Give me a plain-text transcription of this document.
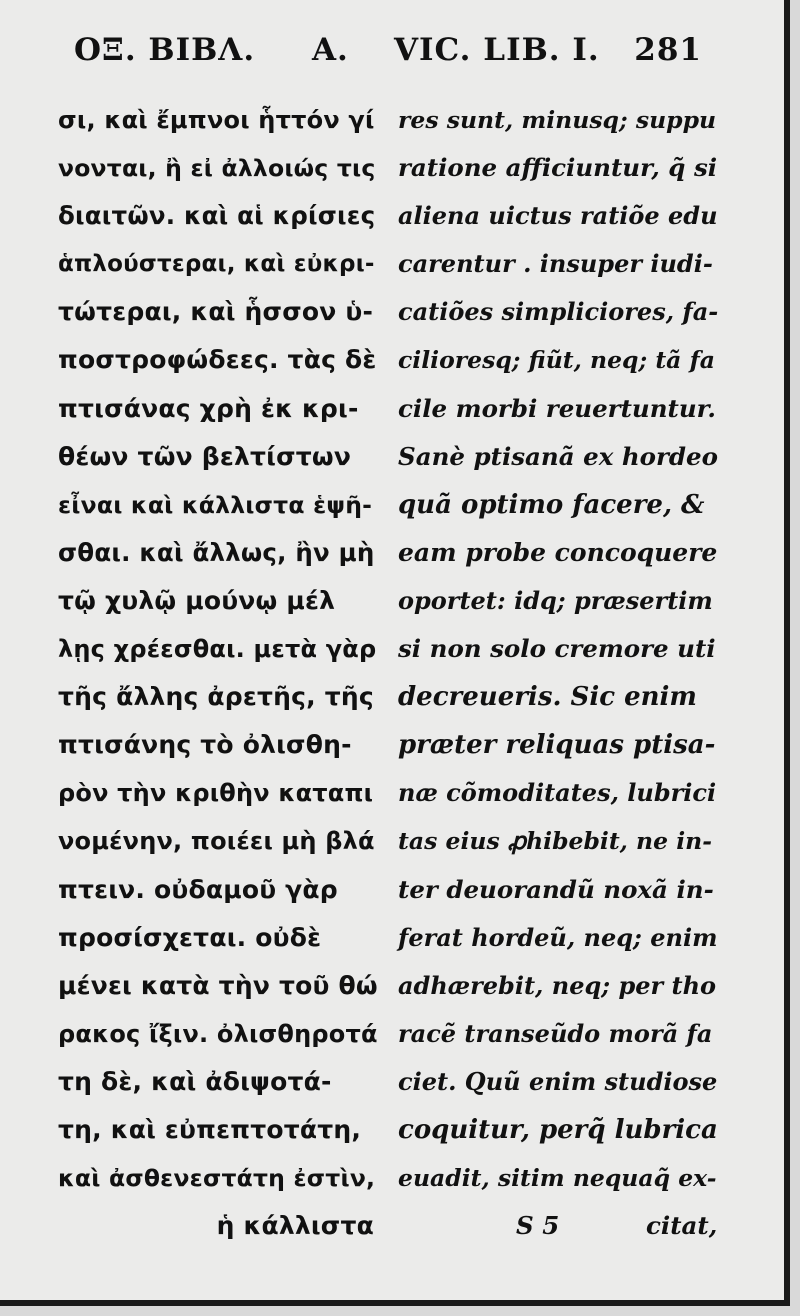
ΟΞ. ΒΙΒΛ. Α. VIC. LIB. I. 281
σι, καὶ ἔμπνοι ἧττόν γί
νονται, ἢ εἰ ἀλλοιώς τις
διαιτῶν. καὶ αἱ κρίσιες
ἁπλούστεραι, καὶ εὐκρι-
τώτεραι, καὶ ἧσσον ὑ-
ποστροφώδεες. τὰς δὲ
πτισάνας χρὴ ἐκ κρι-
θέων τῶν βελτίστων
εἶναι καὶ κάλλιστα ἑψῆ-
σθαι. καὶ ἄλλως, ἢν μὴ
τῷ χυλῷ μούνῳ μέλ
λῃς χρέεσθαι. μετὰ γὰρ
τῆς ἄλλης ἀρετῆς, τῆς
πτισάνης τὸ ὀλισθη-
ρὸν τὴν κριθὴν καταπι
νομένην, ποιέει μὴ βλά
πτειν. οὐδαμοῦ γὰρ
προσίσχεται. οὐδὲ
μένει κατὰ τὴν τοῦ θώ
ρακος ἴξιν. ὀλισθηροτά
τη δὲ, καὶ ἀδιψοτά-
τη, καὶ εὐπεπτοτάτη,
καὶ ἀσθενεστάτη ἐστὶν,
ἡ κάλλιστα
res sunt, minusq; suppu
ratione afficiuntur, q̃ si
aliena uictus ratiõe edu
carentur . insuper iudi-
catiões simpliciores, fa-
cilioresq; fiũt, neq; tã fa
cile morbi reuertuntur.
Sanè ptisanã ex hordeo
quã optimo facere, &
eam probe concoquere
oportet: idq; præsertim
si non solo cremore uti
decreueris. Sic enim
præter reliquas ptisa-
næ cõmoditates, lubrici
tas eius ꝓhibebit, ne in-
ter deuorandũ noxã in-
ferat hordeũ, neq; enim
adhærebit, neq; per tho
racẽ transeũdo morã fa
ciet. Quũ enim studiose
coquitur, perq̃ lubrica
euadit, sitim nequaq̃ ex-
S 5	citat,
